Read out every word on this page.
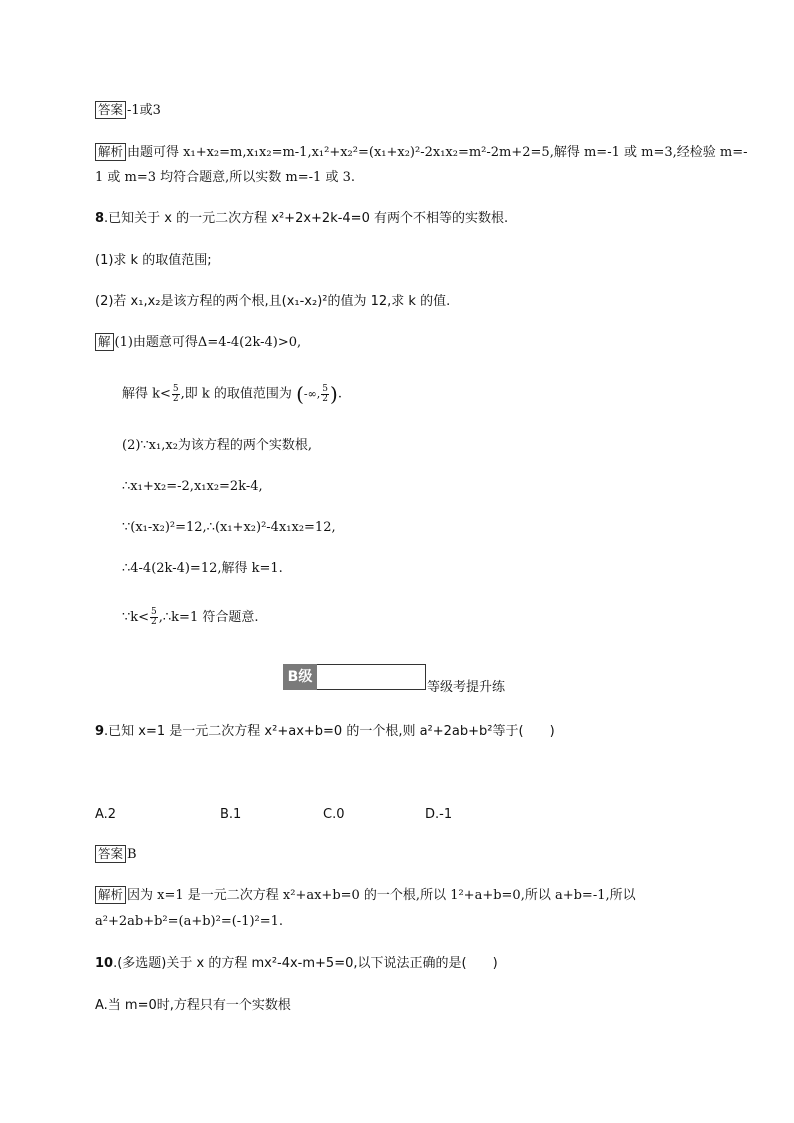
答案 -1或3
解析 由题可得 x₁+x₂=m,x₁x₂=m-1,x₁²+x₂²=(x₁+x₂)²-2x₁x₂=m²-2m+2=5,解得 m=-1 或 m=3,经检验 m=-
1 或 m=3 均符合题意,所以实数 m=-1 或 3.
8.已知关于 x 的一元二次方程 x²+2x+2k-4=0 有两个不相等的实数根.
(1)求 k 的取值范围;
(2)若 x₁,x₂是该方程的两个根,且(x₁-x₂)²的值为 12,求 k 的值.
解 (1)由题意可得Δ=4-4(2k-4)>0,
解得 $k< \frac{5}{2}$ ,即 k 的取值范围为 (-∞, $\frac{5}{2}$ ).
(2)∵x₁,x₂为该方程的两个实数根,
∴x₁+x₂=-2,x₁x₂=2k-4,
∵(x₁-x₂)²=12,∴(x₁+x₂)²-4x₁x₂=12,
∴4-4(2k-4)=12,解得 k=1.
∵k< $\frac{5}{2}$ ,∴k=1 符合题意.
B级
等级考提升练
9.已知 x=1 是一元二次方程 x²+ax+b=0 的一个根,则 a²+2ab+b²等于(　　)
A.2	B.1	C.0	D.-1
答案 B
解析 因为 x=1 是一元二次方程 x²+ax+b=0 的一个根,所以 1²+a+b=0,所以 a+b=-1,所以
a²+2ab+b²=(a+b)²=(-1)²=1.
10.(多选题)关于 x 的方程 mx²-4x-m+5=0,以下说法正确的是(　　)
A.当 m=0时,方程只有一个实数根
